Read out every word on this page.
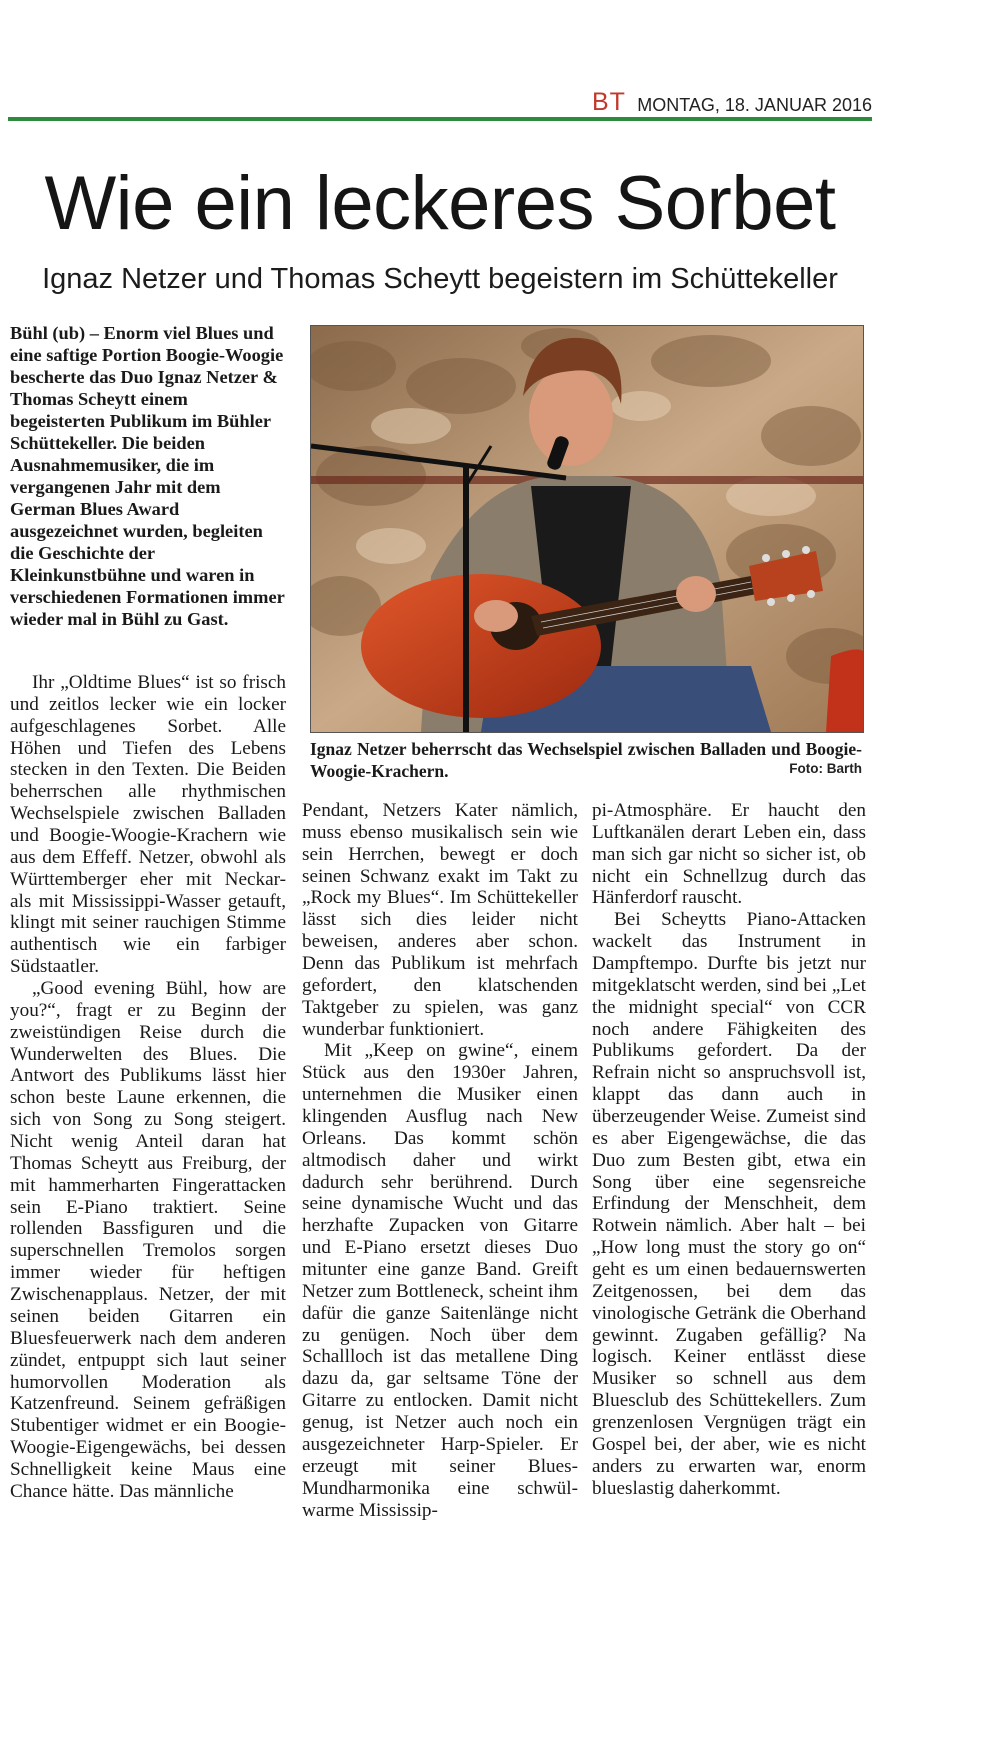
BT MONTAG, 18. JANUAR 2016
Wie ein leckeres Sorbet
Ignaz Netzer und Thomas Scheytt begeistern im Schüttekeller

Bühl (ub) – Enorm viel Blues und eine saftige Portion Boogie-Woogie bescherte das Duo Ignaz Netzer & Thomas Scheytt einem begeisterten Publikum im Bühler Schüttekeller. Die beiden Ausnahmemusiker, die im vergangenen Jahr mit dem German Blues Award ausgezeichnet wurden, begleiten die Geschichte der Kleinkunstbühne und waren in verschiedenen Formationen immer wieder mal in Bühl zu Gast.

Ignaz Netzer beherrscht das Wechselspiel zwischen Balladen und Boogie-Woogie-Krachern.	Foto: Barth

Ihr „Oldtime Blues“ ist so frisch und zeitlos lecker wie ein locker aufgeschlagenes Sorbet. Alle Höhen und Tiefen des Lebens stecken in den Texten. Die Beiden beherrschen alle rhythmischen Wechselspiele zwischen Balladen und Boogie-Woogie-Krachern wie aus dem Effeff. Netzer, obwohl als Württemberger eher mit Neckar- als mit Mississippi-Wasser getauft, klingt mit seiner rauchigen Stimme authentisch wie ein farbiger Südstaatler.

„Good evening Bühl, how are you?“, fragt er zu Beginn der zweistündigen Reise durch die Wunderwelten des Blues. Die Antwort des Publikums lässt hier schon beste Laune erkennen, die sich von Song zu Song steigert. Nicht wenig Anteil daran hat Thomas Scheytt aus Freiburg, der mit hammerharten Fingerattacken sein E-Piano traktiert. Seine rollenden Bassfiguren und die superschnellen Tremolos sorgen immer wieder für heftigen Zwischenapplaus. Netzer, der mit seinen beiden Gitarren ein Bluesfeuerwerk nach dem anderen zündet, entpuppt sich laut seiner humorvollen Moderation als Katzenfreund. Seinem gefräßigen Stubentiger widmet er ein Boogie-Woogie-Eigengewächs, bei dessen Schnelligkeit keine Maus eine Chance hätte. Das männliche

Pendant, Netzers Kater nämlich, muss ebenso musikalisch sein wie sein Herrchen, bewegt er doch seinen Schwanz exakt im Takt zu „Rock my Blues“. Im Schüttekeller lässt sich dies leider nicht beweisen, anderes aber schon. Denn das Publikum ist mehrfach gefordert, den klatschenden Taktgeber zu spielen, was ganz wunderbar funktioniert.

Mit „Keep on gwine“, einem Stück aus den 1930er Jahren, unternehmen die Musiker einen klingenden Ausflug nach New Orleans. Das kommt schön altmodisch daher und wirkt dadurch sehr berührend. Durch seine dynamische Wucht und das herzhafte Zupacken von Gitarre und E-Piano ersetzt dieses Duo mitunter eine ganze Band. Greift Netzer zum Bottleneck, scheint ihm dafür die ganze Saitenlänge nicht zu genügen. Noch über dem Schallloch ist das metallene Ding dazu da, gar seltsame Töne der Gitarre zu entlocken. Damit nicht genug, ist Netzer auch noch ein ausgezeichneter Harp-Spieler. Er erzeugt mit seiner Blues-Mundharmonika eine schwül-warme Mississip-

pi-Atmosphäre. Er haucht den Luftkanälen derart Leben ein, dass man sich gar nicht so sicher ist, ob nicht ein Schnellzug durch das Hänferdorf rauscht.

Bei Scheytts Piano-Attacken wackelt das Instrument in Dampftempo. Durfte bis jetzt nur mitgeklatscht werden, sind bei „Let the midnight special“ von CCR noch andere Fähigkeiten des Publikums gefordert. Da der Refrain nicht so anspruchsvoll ist, klappt das dann auch in überzeugender Weise. Zumeist sind es aber Eigengewächse, die das Duo zum Besten gibt, etwa ein Song über eine segensreiche Erfindung der Menschheit, dem Rotwein nämlich. Aber halt – bei „How long must the story go on“ geht es um einen bedauernswerten Zeitgenossen, bei dem das vinologische Getränk die Oberhand gewinnt. Zugaben gefällig? Na logisch. Keiner entlässt diese Musiker so schnell aus dem Bluesclub des Schüttekellers. Zum grenzenlosen Vergnügen trägt ein Gospel bei, der aber, wie es nicht anders zu erwarten war, enorm blueslastig daherkommt.
